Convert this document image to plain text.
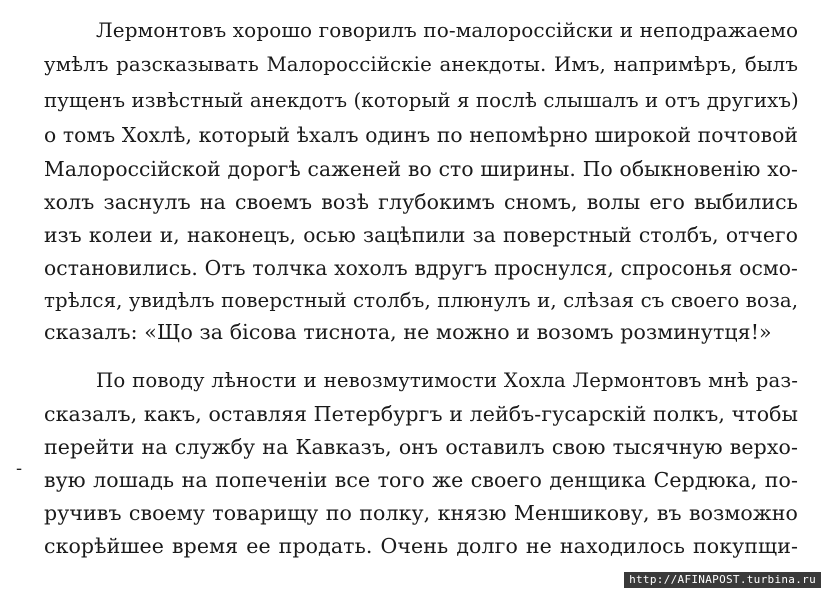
Лермонтовъ хорошо говорилъ по-малороссійски и неподражаемо
умѣлъ разсказывать Малороссійскіе анекдоты. Имъ, напримѣръ, былъ
пущенъ извѣстный анекдотъ (который я послѣ слышалъ и отъ другихъ)
о томъ Хохлѣ, который ѣхалъ одинъ по непомѣрно широкой почтовой
Малороссійской дорогѣ саженей во сто ширины. По обыкновенію хо-
холъ заснулъ на своемъ возѣ глубокимъ сномъ, волы его выбились
изъ колеи и, наконецъ, осью зацѣпили за поверстный столбъ, отчего
остановились. Отъ толчка хохолъ вдругъ проснулся, спросонья осмо-
трѣлся, увидѣлъ поверстный столбъ, плюнулъ и, слѣзая съ своего воза,
сказалъ: «Що за бісова тиснота, не можно и возомъ розминутця!»
По поводу лѣности и невозмутимости Хохла Лермонтовъ мнѣ раз-
сказалъ, какъ, оставляя Петербургъ и лейбъ-гусарскій полкъ, чтобы
перейти на службу на Кавказъ, онъ оставилъ свою тысячную верхо-
вую лошадь на попеченіи все того же своего денщика Сердюка, по-
ручивъ своему товарищу по полку, князю Меншикову, въ возможно
скорѣйшее время ее продать. Очень долго не находилось покупщи-
-
http://AFINAPOST.turbina.ru
